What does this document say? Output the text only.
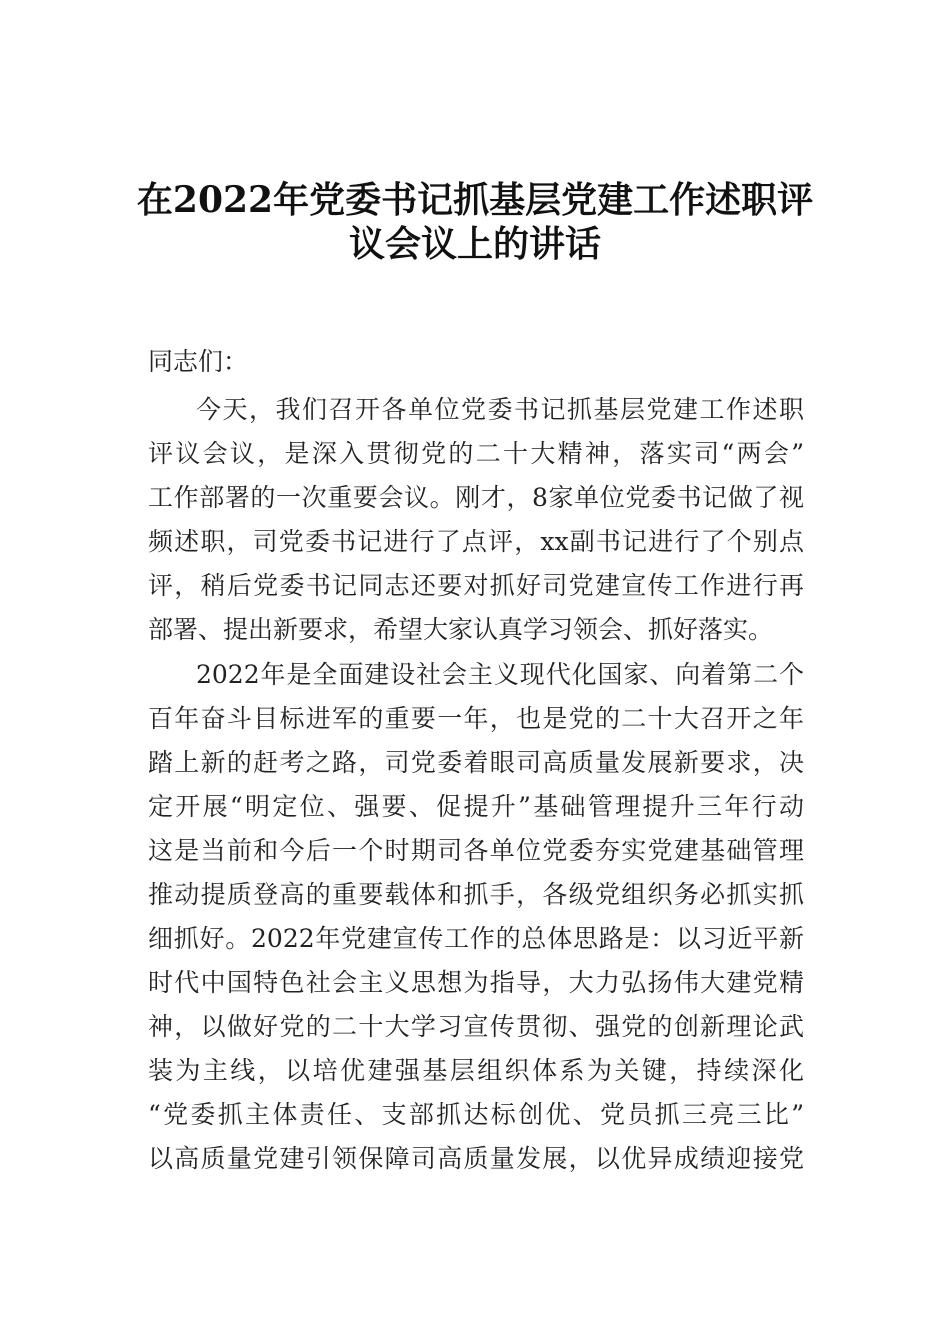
在2022年党委书记抓基层党建工作述职评
议会议上的讲话
同志们：
今天，我们召开各单位党委书记抓基层党建工作述职
评议会议，是深入贯彻党的二十大精神，落实司“两会”
工作部署的一次重要会议。刚才，8家单位党委书记做了视
频述职，司党委书记进行了点评，xx副书记进行了个别点
评，稍后党委书记同志还要对抓好司党建宣传工作进行再
部署、提出新要求，希望大家认真学习领会、抓好落实。
2022年是全面建设社会主义现代化国家、向着第二个
百年奋斗目标进军的重要一年，也是党的二十大召开之年
踏上新的赶考之路，司党委着眼司高质量发展新要求，决
定开展“明定位、强要、促提升”基础管理提升三年行动
这是当前和今后一个时期司各单位党委夯实党建基础管理
推动提质登高的重要载体和抓手，各级党组织务必抓实抓
细抓好。2022年党建宣传工作的总体思路是：以习近平新
时代中国特色社会主义思想为指导，大力弘扬伟大建党精
神，以做好党的二十大学习宣传贯彻、强党的创新理论武
装为主线，以培优建强基层组织体系为关键，持续深化
“党委抓主体责任、支部抓达标创优、党员抓三亮三比”
以高质量党建引领保障司高质量发展，以优异成绩迎接党
